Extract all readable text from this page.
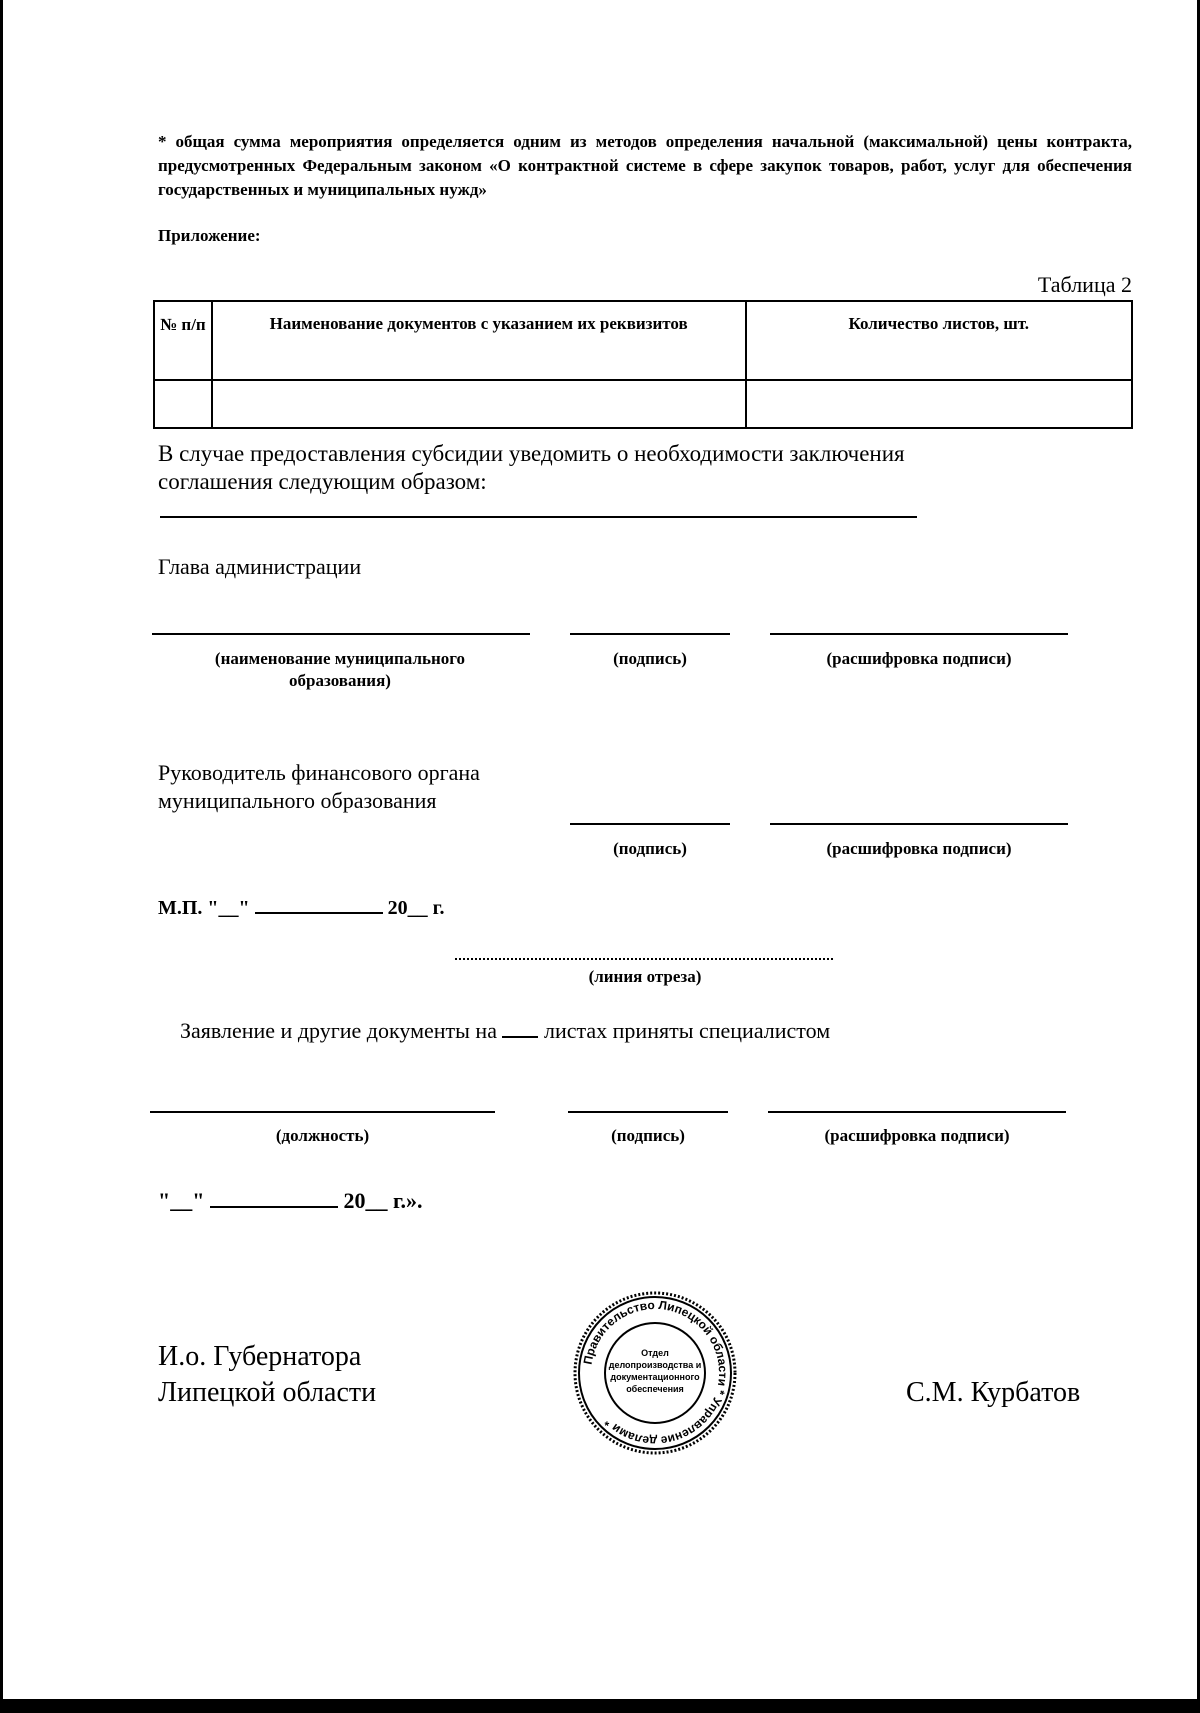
* общая сумма мероприятия определяется одним из методов определения начальной (максимальной) цены контракта, предусмотренных Федеральным законом «О контрактной системе в сфере закупок товаров, работ, услуг для обеспечения государственных и муниципальных нужд»
Приложение:
Таблица 2
№ п/п	Наименование документов с указанием их реквизитов	Количество листов, шт.

В случае предоставления субсидии уведомить о необходимости заключения соглашения следующим образом:
Глава администрации
(наименование муниципального образования)
(подпись)	(расшифровка подписи)
Руководитель финансового органа
муниципального образования
(подпись)	(расшифровка подписи)
М.П. "__"	20__ г.
(линия отреза)
Заявление и другие документы на листах приняты специалистом
(должность)	(подпись)	(расшифровка подписи)
"__"	20__ г.».
И.о. Губернатора
Липецкой области	С.М. Курбатов
Правительство Липецкой области * Управление делами *
Отдел
делопроизводства и
документационного
обеспечения
